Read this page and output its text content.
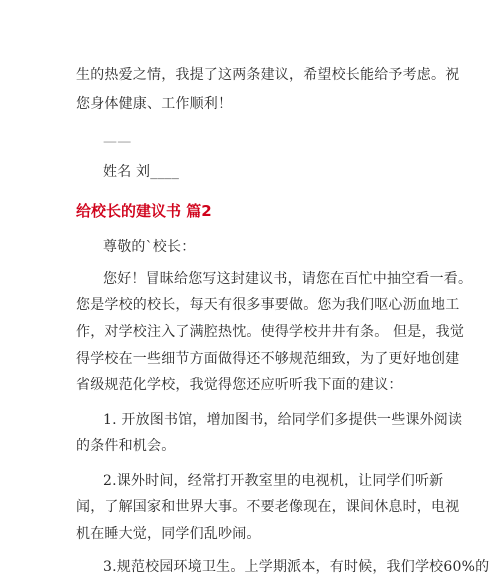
生的热爱之情，我提了这两条建议，希望校长能给予考虑。祝
您身体健康、工作顺利！
——
姓名 刘____
给校长的建议书 篇2
尊敬的`校长：
您好！冒昧给您写这封建议书，请您在百忙中抽空看一看。
您是学校的校长，每天有很多事要做。您为我们呕心沥血地工
作，对学校注入了满腔热忱。使得学校井井有条。 但是，我觉
得学校在一些细节方面做得还不够规范细致，为了更好地创建
省级规范化学校，我觉得您还应听听我下面的建议：
1. 开放图书馆，增加图书，给同学们多提供一些课外阅读
的条件和机会。
2.课外时间，经常打开教室里的电视机，让同学们听新
闻，了解国家和世界大事。不要老像现在，课间休息时，电视
机在睡大觉，同学们乱吵闹。
3.规范校园环境卫生。上学期派本，有时候，我们学校60%的
